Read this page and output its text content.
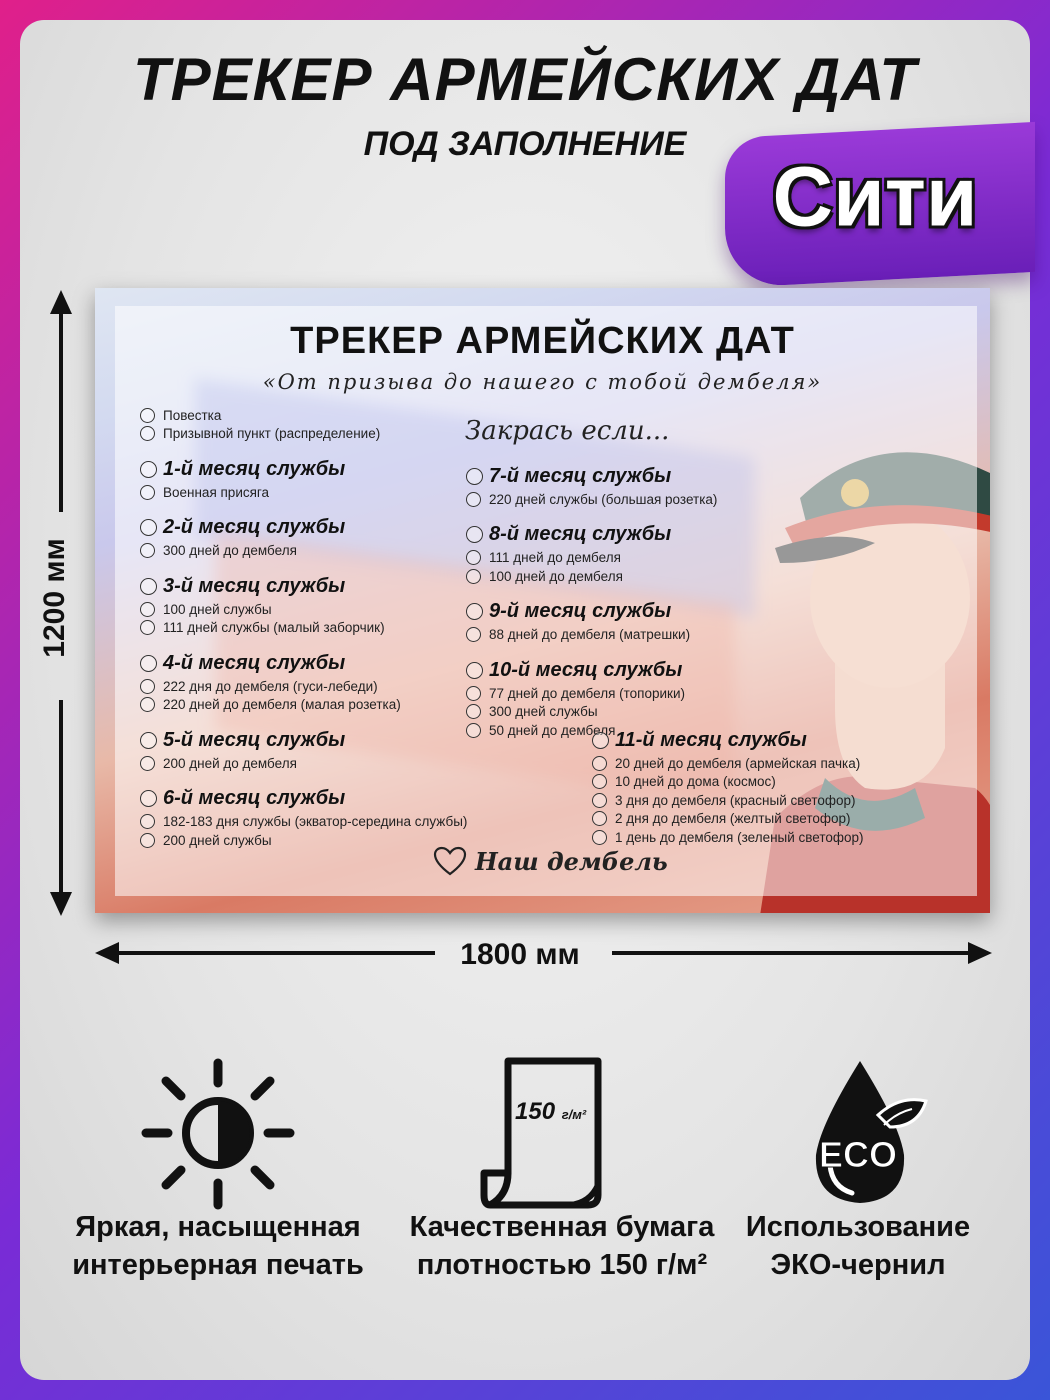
ТРЕКЕР АРМЕЙСКИХ ДАТ
ПОД ЗАПОЛНЕНИЕ
Сити
1200 мм
1800 мм
ТРЕКЕР АРМЕЙСКИХ ДАТ
«От призыва до нашего с тобой дембеля»
Закрась если...
Повестка
Призывной пункт (распределение)
1-й месяц службы
Военная присяга
2-й месяц службы
300 дней до дембеля
3-й месяц службы
100 дней службы
111 дней службы (малый заборчик)
4-й месяц службы
222 дня до дембеля (гуси-лебеди)
220 дней до дембеля (малая розетка)
5-й месяц службы
200 дней до дембеля
6-й месяц службы
182-183 дня службы (экватор-середина службы)
200 дней службы
7-й месяц службы
220 дней службы (большая розетка)
8-й месяц службы
111 дней до дембеля
100 дней до дембеля
9-й месяц службы
88 дней до дембеля (матрешки)
10-й месяц службы
77 дней до дембеля (топорики)
300 дней службы
50 дней до дембеля 11-й месяц службы
20 дней до дембеля (армейская пачка)
10 дней до дома (космос)
3 дня до дембеля (красный светофор)
2 дня до дембеля (желтый светофор)
1 день до дембеля (зеленый светофор)
Наш дембель
150 г/м²
ECO
Яркая, насыщенная
интерьерная печать
Качественная бумага
плотностью 150 г/м²
Использование
ЭКО-чернил
